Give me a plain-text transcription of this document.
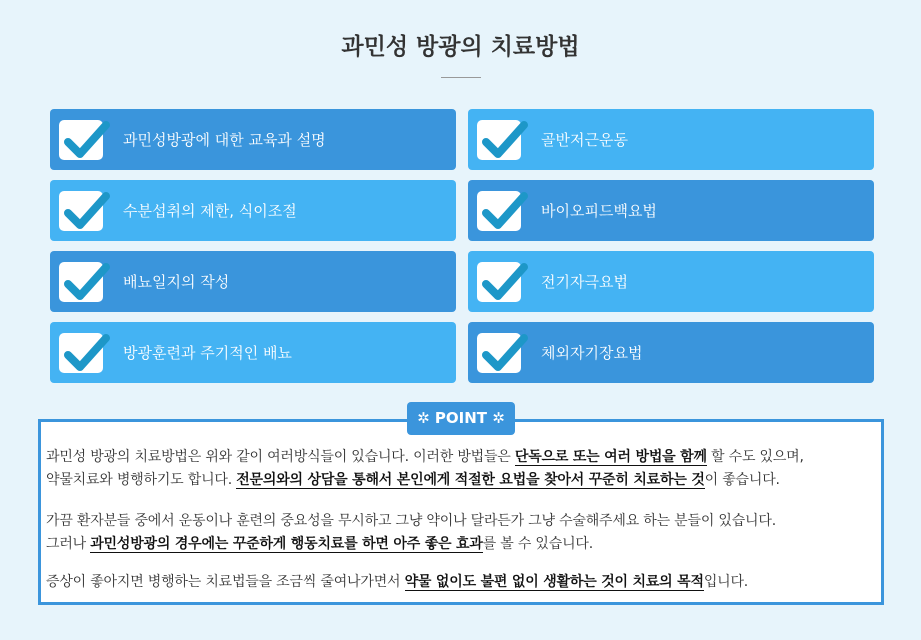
과민성 방광의 치료방법
과민성방광에 대한 교육과 설명	골반저근운동
수분섭취의 제한, 식이조절	바이오피드백요법
배뇨일지의 작성	전기자극요법
방광훈련과 주기적인 배뇨	체외자기장요법
✲ POINT ✲
과민성 방광의 치료방법은 위와 같이 여러방식들이 있습니다. 이러한 방법들은 단독으로 또는 여러 방법을 함께 할 수도 있으며,
약물치료와 병행하기도 합니다. 전문의와의 상담을 통해서 본인에게 적절한 요법을 찾아서 꾸준히 치료하는 것이 좋습니다.
가끔 환자분들 중에서 운동이나 훈련의 중요성을 무시하고 그냥 약이나 달라든가 그냥 수술해주세요 하는 분들이 있습니다.
그러나 과민성방광의 경우에는 꾸준하게 행동치료를 하면 아주 좋은 효과를 볼 수 있습니다.
증상이 좋아지면 병행하는 치료법들을 조금씩 줄여나가면서 약물 없이도 불편 없이 생활하는 것이 치료의 목적입니다.
